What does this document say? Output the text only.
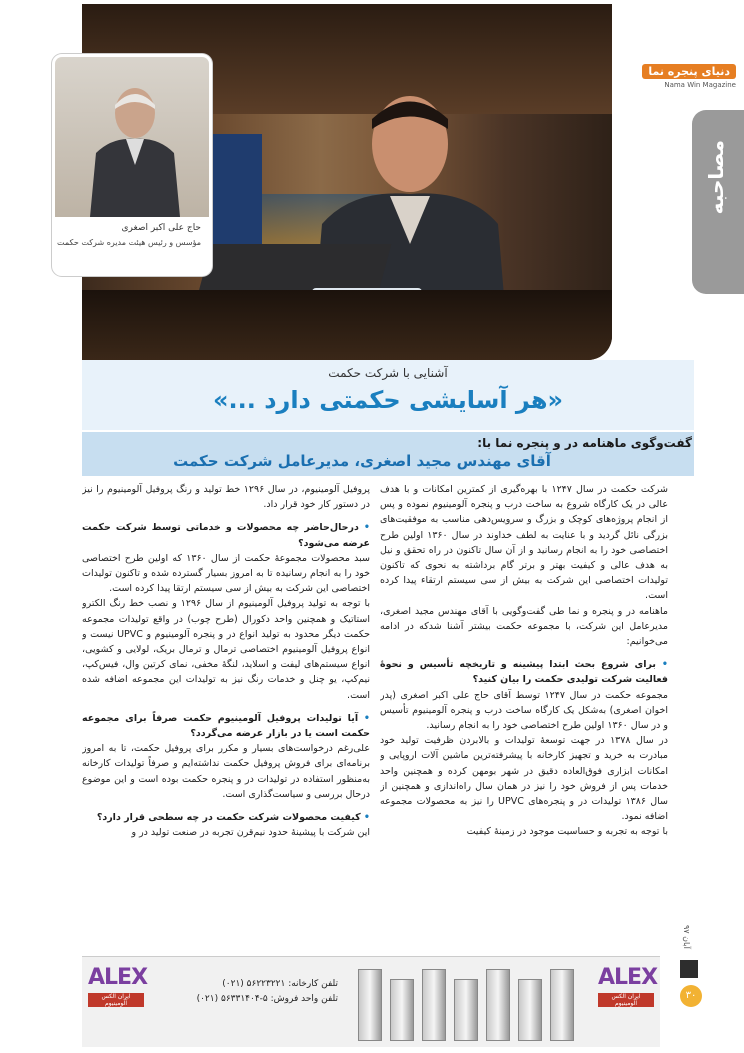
حاج علی اکبر اصغری
مؤسس و رئیس هیئت مدیره شرکت حکمت
دنیای پنجره نما
Nama Win Magazine
مصاحبه
آشنایی با شرکت حکمت
«هر آسایشی حکمتی دارد ...»
گفت‌وگوی ماهنامه در و پنجره نما با:
آقای مهندس مجید اصغری، مدیرعامل شرکت حکمت

شرکت حکمت در سال ۱۲۴۷ با بهره‌گیری از کمترین امکانات و با هدف عالی در یک کارگاه شروع به ساخت درب و پنجره آلومینیوم نموده و پس از انجام پروژه‌های کوچک و بزرگ و سرویس‌دهی مناسب به موفقیت‌های بزرگی نائل گردید و با عنایت به لطف خداوند در سال ۱۳۶۰ اولین طرح اختصاصی خود را به انجام رسانید و از آن سال تاکنون در راه تحقق و نیل به هدف عالی و کیفیت بهتر و برتر گام برداشته به نحوی که تاکنون تولیدات اختصاصی این شرکت به بیش از سی سیستم ارتقاء پیدا کرده است.

ماهنامه در و پنجره و نما طی گفت‌وگویی با آقای مهندس مجید اصغری، مدیرعامل این شرکت، با مجموعه حکمت بیشتر آشنا شدکه در ادامه می‌خوانیم:

• برای شروع بحث ابتدا پیشینه و تاریخچه تأسیس و نحوهٔ فعالیت شرکت تولیدی حکمت را بیان کنید؟

مجموعه حکمت در سال ۱۲۴۷ توسط آقای حاج علی اکبر اصغری (پدر اخوان اصغری) به‌شکل یک کارگاه ساخت درب و پنجره آلومینیوم تأسیس و در سال ۱۳۶۰ اولین طرح اختصاصی خود را به انجام رسانید.

در سال ۱۳۷۸ در جهت توسعهٔ تولیدات و بالابردن ظرفیت تولید خود مبادرت به خرید و تجهیز کارخانه با پیشرفته‌ترین ماشین آلات اروپایی و امکانات ابزاری فوق‌العاده دقیق در شهر بومهن کرده و همچنین واحد خدمات پس از فروش خود را نیز در همان سال راه‌اندازی و همچنین از سال ۱۳۸۶ تولیدات در و پنجره‌های UPVC را نیز به محصولات مجموعه اضافه نمود.

با توجه به تجربه و حساسیت موجود در زمینهٔ کیفیت

پروفیل آلومینیوم، در سال ۱۲۹۶ خط تولید و رنگ پروفیل آلومینیوم را نیز در دستور کار خود قرار داد.

• درحال‌حاضر چه محصولات و خدماتی توسط شرکت حکمت عرضه می‌شود؟

سبد محصولات مجموعهٔ حکمت از سال ۱۳۶۰ که اولین طرح اختصاصی خود را به انجام رسانیده تا به امروز بسیار گسترده شده و تاکنون تولیدات اختصاصی این شرکت به بیش از سی سیستم ارتقا پیدا کرده است.

با توجه به تولید پروفیل آلومینیوم از سال ۱۲۹۶ و نصب خط رنگ الکترو استاتیک و همچنین واحد دکورال (طرح چوب) در واقع تولیدات مجموعه حکمت دیگر محدود به تولید انواع در و پنجره آلومینیوم و UPVC نیست و انواع پروفیل آلومینیوم اختصاصی ترمال و ترمال بریک، لولایی و کشویی، انواع سیستم‌های لیفت و اسلاید، لنگهٔ مخفی، نمای کرتین وال، فیس‌کپ، نیم‌کپ، یو چنل و خدمات رنگ نیز به تولیدات این مجموعه اضافه شده است.

• آیا تولیدات پروفیل آلومینیوم حکمت صرفاً برای مجموعه حکمت است یا در بازار عرضه می‌گردد؟

علی‌رغم درخواست‌های بسیار و مکرر برای پروفیل حکمت، تا به امروز برنامه‌ای برای فروش پروفیل حکمت نداشته‌ایم و صرفاً تولیدات کارخانه به‌منظور استفاده در تولیدات در و پنجره حکمت بوده است و این موضوع درحال بررسی و سیاست‌گذاری است.

• کیفیت محصولات شرکت حکمت در چه سطحی قرار دارد؟

این شرکت با پیشینهٔ حدود نیم‌قرن تجربه در صنعت تولید در و

ALEX
ایران الکس آلومینیوم
تلفن کارخانه: ۵۶۲۲۳۲۲۱ (۰۲۱)
تلفن واحد فروش: ۵-۵۶۳۳۱۴۰۴ (۰۲۱)
ALEX
ایران الکس آلومینیوم
آبان ۹۷
۳۰
